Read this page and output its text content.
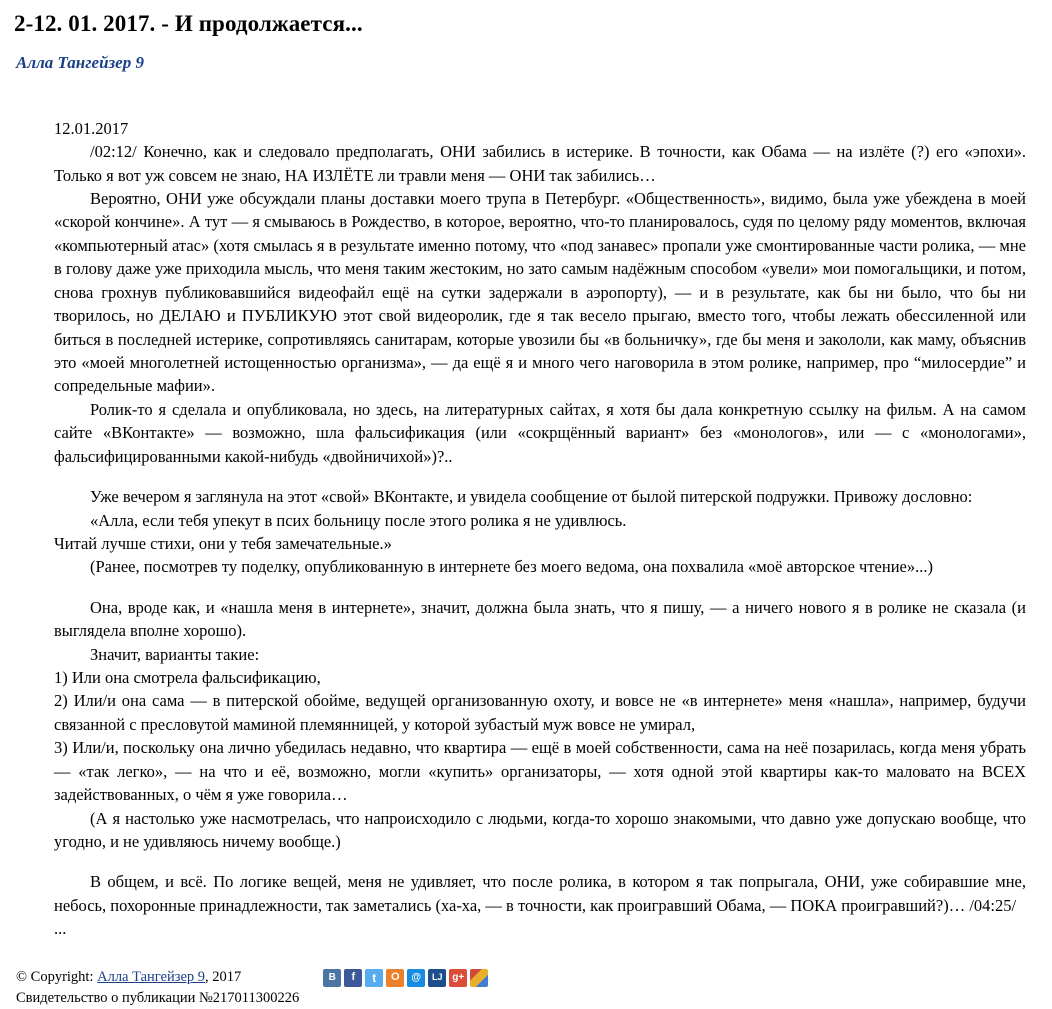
2-12. 01. 2017. - И продолжается...
Алла Тангейзер 9

12.01.2017

/02:12/ Конечно, как и следовало предполагать, ОНИ забились в истерике. В точности, как Обама — на излёте (?) его «эпохи». Только я вот уж совсем не знаю, НА ИЗЛЁТЕ ли травли меня — ОНИ так забились…

Вероятно, ОНИ уже обсуждали планы доставки моего трупа в Петербург. «Общественность», видимо, была уже убеждена в моей «скорой кончине». А тут — я смываюсь в Рождество, в которое, вероятно, что-то планировалось, судя по целому ряду моментов, включая «компьютерный атас» (хотя смылась я в результате именно потому, что «под занавес» пропали уже смонтированные части ролика, — мне в голову даже уже приходила мысль, что меня таким жестоким, но зато самым надёжным способом «увели» мои помогальщики, и потом, снова грохнув публиковавшийся видеофайл ещё на сутки задержали в аэропорту), — и в результате, как бы ни было, что бы ни творилось, но ДЕЛАЮ и ПУБЛИКУЮ этот свой видеоролик, где я так весело прыгаю, вместо того, чтобы лежать обессиленной или биться в последней истерике, сопротивляясь санитарам, которые увозили бы «в больничку», где бы меня и закололи, как маму, объяснив это «моей многолетней истощенностью организма», — да ещё я и много чего наговорила в этом ролике, например, про “милосердие” и сопредельные мафии».

Ролик-то я сделала и опубликовала, но здесь, на литературных сайтах, я хотя бы дала конкретную ссылку на фильм. А на самом сайте «ВКонтакте» — возможно, шла фальсификация (или «сокрщённый вариант» без «монологов», или — с «монологами», фальсифицированными какой-нибудь «двойничихой»)?..

Уже вечером я заглянула на этот «свой» ВКонтакте, и увидела сообщение от былой питерской подружки. Привожу дословно:

«Алла, если тебя упекут в псих больницу после этого ролика я не удивлюсь.

Читай лучше стихи, они у тебя замечательные.»

(Ранее, посмотрев ту поделку, опубликованную в интернете без моего ведома, она похвалила «моё авторское чтение»...)

Она, вроде как, и «нашла меня в интернете», значит, должна была знать, что я пишу, — а ничего нового я в ролике не сказала (и выглядела вполне хорошо).

Значит, варианты такие:

1) Или она смотрела фальсификацию,

2) Или/и она сама — в питерской обойме, ведущей организованную охоту, и вовсе не «в интернете» меня «нашла», например, будучи связанной с пресловутой маминой племянницей, у которой зубастый муж вовсе не умирал,

3) Или/и, поскольку она лично убедилась недавно, что квартира — ещё в моей собственности, сама на неё позарилась, когда меня убрать — «так легко», — на что и её, возможно, могли «купить» организаторы, — хотя одной этой квартиры как-то маловато на ВСЕХ задействованных, о чём я уже говорила…

(А я настолько уже насмотрелась, что напроисходило с людьми, когда-то хорошо знакомыми, что давно уже допускаю вообще, что угодно, и не удивляюсь ничему вообще.)

В общем, и всё. По логике вещей, меня не удивляет, что после ролика, в котором я так попрыгала, ОНИ, уже собиравшие мне, небось, похоронные принадлежности, так заметались (ха-ха, — в точности, как проигравший Обама, — ПОКА проигравший?)… /04:25/

...

© Copyright: Алла Тангейзер 9, 2017
Свидетельство о публикации №217011300226
В	f	t	О	@	LJ g+
